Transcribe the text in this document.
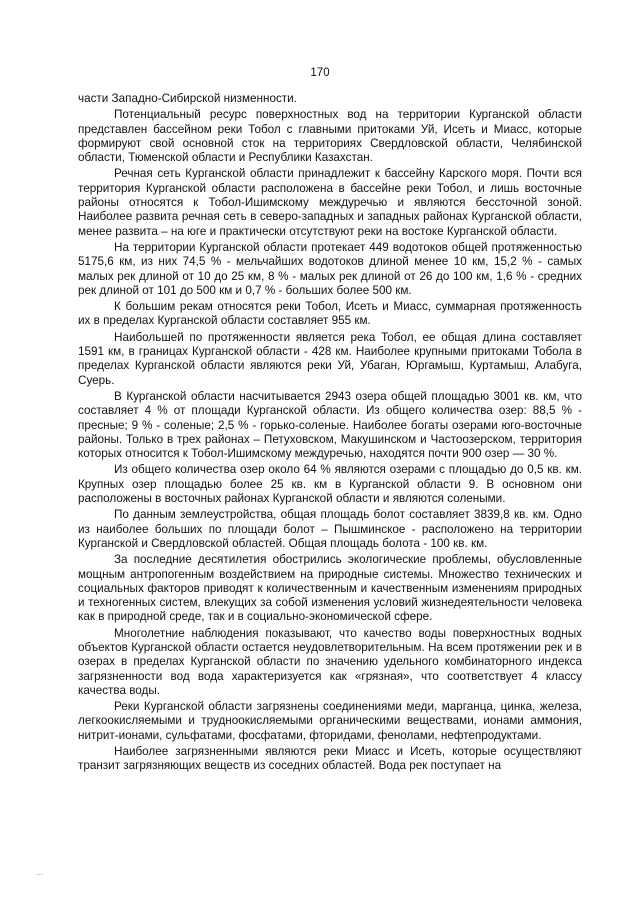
170

части Западно-Сибирской низменности.

Потенциальный ресурс поверхностных вод на территории Курганской области представлен бассейном реки Тобол с главными притоками Уй, Исеть и Миасс, которые формируют свой основной сток на территориях Свердловской области, Челябинской области, Тюменской области и Республики Казахстан.

Речная сеть Курганской области принадлежит к бассейну Карского моря. Почти вся территория Курганской области расположена в бассейне реки Тобол, и лишь восточные районы относятся к Тобол-Ишимскому междуречью и являются бессточной зоной. Наиболее развита речная сеть в северо-западных и западных районах Курганской области, менее развита – на юге и практически отсутствуют реки на востоке Курганской области.

На территории Курганской области протекает 449 водотоков общей протяженностью 5175,6 км, из них 74,5 % - мельчайших водотоков длиной менее 10 км, 15,2 % - самых малых рек длиной от 10 до 25 км, 8 % - малых рек длиной от 26 до 100 км, 1,6 % - средних рек длиной от 101 до 500 км и 0,7 % - больших более 500 км.

К большим рекам относятся реки Тобол, Исеть и Миасс, суммарная протяженность их в пределах Курганской области составляет 955 км.

Наибольшей по протяженности является река Тобол, ее общая длина составляет 1591 км, в границах Курганской области - 428 км. Наиболее крупными притоками Тобола в пределах Курганской области являются реки Уй, Убаган, Юргамыш, Куртамыш, Алабуга, Суерь.

В Курганской области насчитывается 2943 озера общей площадью 3001 кв. км, что составляет 4 % от площади Курганской области. Из общего количества озер: 88,5 % - пресные; 9 % - соленые; 2,5 % - горько-соленые. Наиболее богаты озерами юго-восточные районы. Только в трех районах – Петуховском, Макушинском и Частоозерском, территория которых относится к Тобол-Ишимскому междуречью, находятся почти 900 озер — 30 %.

Из общего количества озер около 64 % являются озерами с площадью до 0,5 кв. км. Крупных озер площадью более 25 кв. км в Курганской области 9. В основном они расположены в восточных районах Курганской области и являются солеными.

По данным землеустройства, общая площадь болот составляет 3839,8 кв. км. Одно из наиболее больших по площади болот – Пышминское - расположено на территории Курганской и Свердловской областей. Общая площадь болота - 100 кв. км.

За последние десятилетия обострились экологические проблемы, обусловленные мощным антропогенным воздействием на природные системы. Множество технических и социальных факторов приводят к количественным и качественным изменениям природных и техногенных систем, влекущих за собой изменения условий жизнедеятельности человека как в природной среде, так и в социально-экономической сфере.

Многолетние наблюдения показывают, что качество воды поверхностных водных объектов Курганской области остается неудовлетворительным. На всем протяжении рек и в озерах в пределах Курганской области по значению удельного комбинаторного индекса загрязненности вод вода характеризуется как «грязная», что соответствует 4 классу качества воды.

Реки Курганской области загрязнены соединениями меди, марганца, цинка, железа, легкоокисляемыми и трудноокисляемыми органическими веществами, ионами аммония, нитрит-ионами, сульфатами, фосфатами, фторидами, фенолами, нефтепродуктами.

Наиболее загрязненными являются реки Миасс и Исеть, которые осуществляют транзит загрязняющих веществ из соседних областей. Вода рек поступает на

...
